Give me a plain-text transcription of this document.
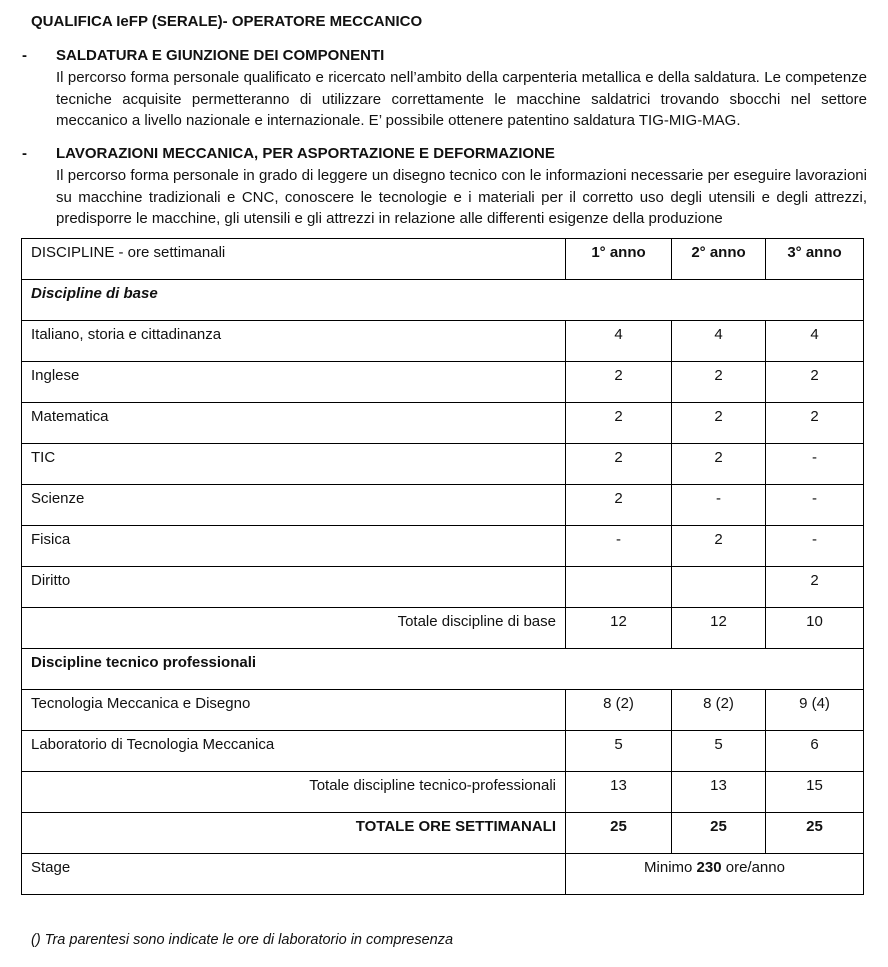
QUALIFICA IeFP (SERALE)- OPERATORE MECCANICO
-	SALDATURA E GIUNZIONE DEI COMPONENTI
Il percorso forma personale qualificato e ricercato nell’ambito della carpenteria metallica e della saldatura. Le competenze tecniche acquisite permetteranno di utilizzare correttamente le macchine saldatrici trovando sbocchi nel settore meccanico a livello nazionale e internazionale. E’ possibile ottenere patentino saldatura TIG-MIG-MAG.
-	LAVORAZIONI MECCANICA, PER ASPORTAZIONE E DEFORMAZIONE
Il percorso forma personale in grado di leggere un disegno tecnico con le informazioni necessarie per eseguire lavorazioni su macchine tradizionali e CNC, conoscere le tecnologie e i materiali per il corretto uso degli utensili e degli attrezzi, predisporre le macchine, gli utensili e gli attrezzi in relazione alle differenti esigenze della produzione
DISCIPLINE - ore settimanali	1° anno	2° anno	3° anno
Discipline di base			
Italiano, storia e cittadinanza	4	4	4
Inglese	2	2	2
Matematica	2	2	2
TIC	2	2	-
Scienze	2	-	-
Fisica	-	2	-
Diritto			2
Totale discipline di base	12	12	10
Discipline tecnico professionali			
Tecnologia Meccanica e Disegno	8 (2)	8 (2)	9 (4)
Laboratorio di Tecnologia Meccanica	5	5	6
Totale discipline tecnico-professionali	13	13	15
TOTALE ORE SETTIMANALI	25	25	25
Stage	Minimo 230 ore/anno		
() Tra parentesi sono indicate le ore di laboratorio in compresenza
